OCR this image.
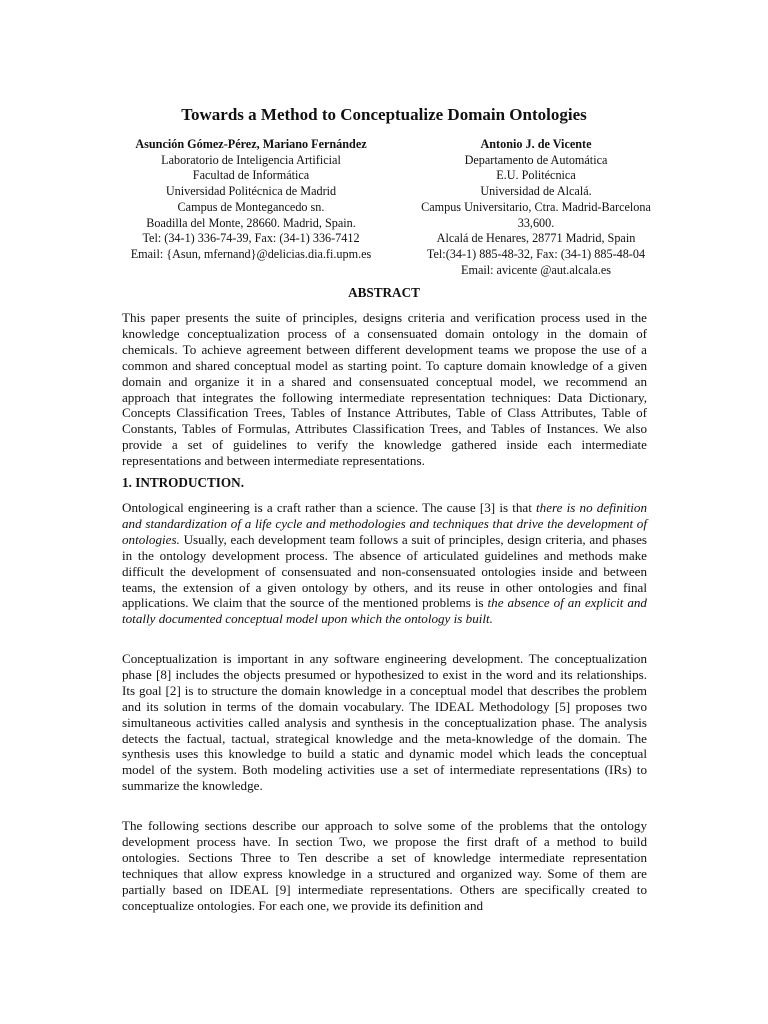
Towards a Method to Conceptualize Domain Ontologies
Asunción Gómez-Pérez, Mariano Fernández
Laboratorio de Inteligencia Artificial
Facultad de Informática
Universidad Politécnica de Madrid
Campus de Montegancedo sn.
Boadilla del Monte, 28660. Madrid, Spain.
Tel: (34-1) 336-74-39, Fax: (34-1) 336-7412
Email: {Asun, mfernand}@delicias.dia.fi.upm.es
Antonio J. de Vicente
Departamento de Automática
E.U. Politécnica
Universidad de Alcalá.
Campus Universitario, Ctra. Madrid-Barcelona
33,600.
Alcalá de Henares, 28771 Madrid, Spain
Tel:(34-1) 885-48-32, Fax: (34-1) 885-48-04
Email: avicente @aut.alcala.es
ABSTRACT

This paper presents the suite of principles, designs criteria and verification process used in the knowledge conceptualization process of a consensuated domain ontology in the domain of chemicals. To achieve agreement between different development teams we propose the use of a common and shared conceptual model as starting point. To capture domain knowledge of a given domain and organize it in a shared and consensuated conceptual model, we recommend an approach that integrates the following intermediate representation techniques: Data Dictionary, Concepts Classification Trees, Tables of Instance Attributes, Table of Class Attributes, Table of Constants, Tables of Formulas, Attributes Classification Trees, and Tables of Instances. We also provide a set of guidelines to verify the knowledge gathered inside each intermediate representations and between intermediate representations.

1. INTRODUCTION.

Ontological engineering is a craft rather than a science. The cause [3] is that there is no definition and standardization of a life cycle and methodologies and techniques that drive the development of ontologies. Usually, each development team follows a suit of principles, design criteria, and phases in the ontology development process. The absence of articulated guidelines and methods make difficult the development of consensuated and non-consensuated ontologies inside and between teams, the extension of a given ontology by others, and its reuse in other ontologies and final applications. We claim that the source of the mentioned problems is the absence of an explicit and totally documented conceptual model upon which the ontology is built.

Conceptualization is important in any software engineering development. The conceptualization phase [8] includes the objects presumed or hypothesized to exist in the word and its relationships. Its goal [2] is to structure the domain knowledge in a conceptual model that describes the problem and its solution in terms of the domain vocabulary. The IDEAL Methodology [5] proposes two simultaneous activities called analysis and synthesis in the conceptualization phase. The analysis detects the factual, tactual, strategical knowledge and the meta-knowledge of the domain. The synthesis uses this knowledge to build a static and dynamic model which leads the conceptual model of the system. Both modeling activities use a set of intermediate representations (IRs) to summarize the knowledge.

The following sections describe our approach to solve some of the problems that the ontology development process have. In section Two, we propose the first draft of a method to build ontologies. Sections Three to Ten describe a set of knowledge intermediate representation techniques that allow express knowledge in a structured and organized way. Some of them are partially based on IDEAL [9] intermediate representations. Others are specifically created to conceptualize ontologies. For each one, we provide its definition and
